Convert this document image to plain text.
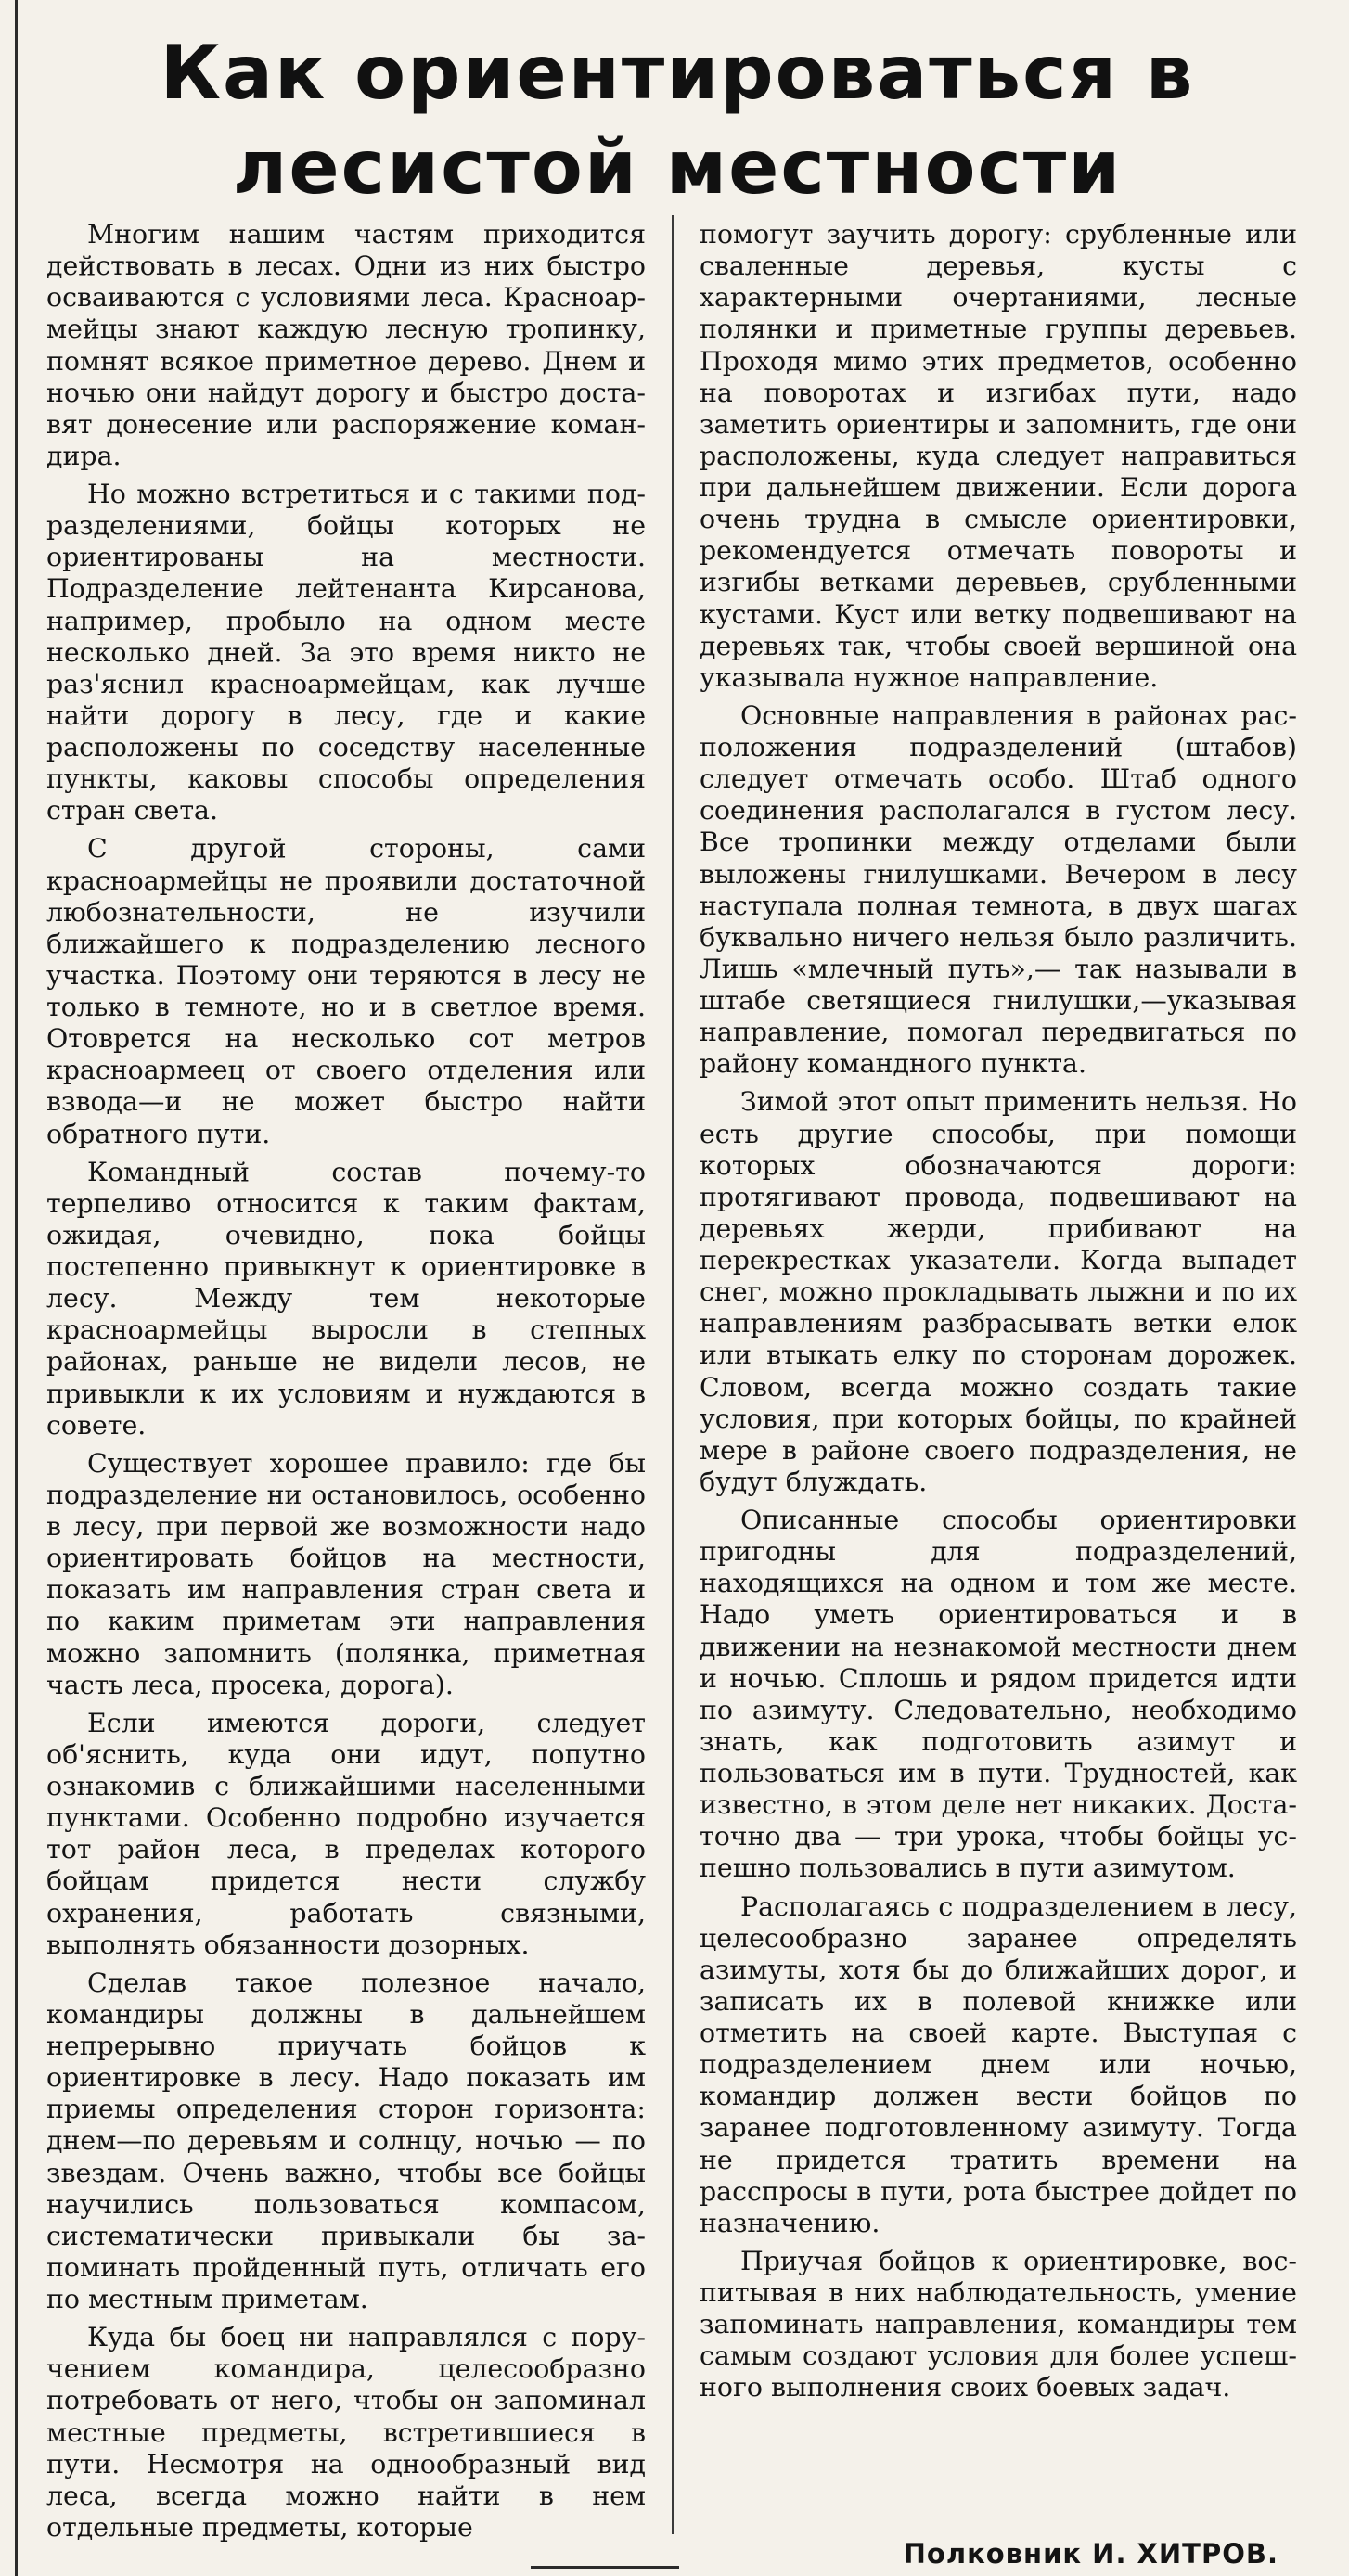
Как ориентироваться в
лесистой местности

Многим нашим частям приходится действовать в лесах. Одни из них быстро осваиваются с условиями леса. Красноармейцы знают каждую лесную тропинку, помнят всякое приметное дерево. Днем и ночью они найдут дорогу и быстро доставят донесение или распоряжение командира.

Но можно встретиться и с такими подразделениями, бойцы которых не ориентированы на местности. Подразделение лейтенанта Кирсанова, например, пробыло на одном месте несколько дней. За это время никто не раз'яснил красноармейцам, как лучше найти дорогу в лесу, где и какие расположены по соседству населенные пункты, каковы способы определения стран света.

С другой стороны, сами красноармейцы не проявили достаточной любознательности, не изучили ближайшего к подразделению лесного участка. Поэтому они теряются в лесу не только в темноте, но и в светлое время. Отоврется на несколько сот метров красноармеец от своего отделения или взвода—и не может быстро найти обратного пути.

Командный состав почему-то терпеливо относится к таким фактам, ожидая, очевидно, пока бойцы постепенно привыкнут к ориентировке в лесу. Между тем некоторые красноармейцы выросли в степных районах, раньше не видели лесов, не привыкли к их условиям и нуждаются в совете.

Существует хорошее правило: где бы подразделение ни остановилось, особенно в лесу, при первой же возможности надо ориентировать бойцов на местности, показать им направления стран света и по каким приметам эти направления можно запомнить (полянка, приметная часть леса, просека, дорога).

Если имеются дороги, следует об'яснить, куда они идут, попутно ознакомив с ближайшими населенными пунктами. Особенно подробно изучается тот район леса, в пределах которого бойцам придется нести службу охранения, работать связными, выполнять обязанности дозорных.

Сделав такое полезное начало, командиры должны в дальнейшем непрерывно приучать бойцов к ориентировке в лесу. Надо показать им приемы определения сторон горизонта: днем—по деревьям и солнцу, ночью — по звездам. Очень важно, чтобы все бойцы научились пользоваться компасом, систематически привыкали бы запоминать пройденный путь, отличать его по местным приметам.

Куда бы боец ни направлялся с поручением командира, целесообразно потребовать от него, чтобы он запоминал местные предметы, встретившиеся в пути. Несмотря на однообразный вид леса, всегда можно найти в нем отдельные предметы, которые

помогут заучить дорогу: срубленные или сваленные деревья, кусты с характерными очертаниями, лесные полянки и приметные группы деревьев. Проходя мимо этих предметов, особенно на поворотах и изгибах пути, надо заметить ориентиры и запомнить, где они расположены, куда следует направиться при дальнейшем движении. Если дорога очень трудна в смысле ориентировки, рекомендуется отмечать повороты и изгибы ветками деревьев, срубленными кустами. Куст или ветку подвешивают на деревьях так, чтобы своей вершиной она указывала нужное направление.

Основные направления в районах расположения подразделений (штабов) следует отмечать особо. Штаб одного соединения располагался в густом лесу. Все тропинки между отделами были выложены гнилушками. Вечером в лесу наступала полная темнота, в двух шагах буквально ничего нельзя было различить. Лишь «млечный путь»,— так называли в штабе светящиеся гнилушки,—указывая направление, помогал передвигаться по району командного пункта.

Зимой этот опыт применить нельзя. Но есть другие способы, при помощи которых обозначаются дороги: протягивают провода, подвешивают на деревьях жерди, прибивают на перекрестках указатели. Когда выпадет снег, можно прокладывать лыжни и по их направлениям разбрасывать ветки елок или втыкать елку по сторонам дорожек. Словом, всегда можно создать такие условия, при которых бойцы, по крайней мере в районе своего подразделения, не будут блуждать.

Описанные способы ориентировки пригодны для подразделений, находящихся на одном и том же месте. Надо уметь ориентироваться и в движении на незнакомой местности днем и ночью. Сплошь и рядом придется идти по азимуту. Следовательно, необходимо знать, как подготовить азимут и пользоваться им в пути. Трудностей, как известно, в этом деле нет никаких. Достаточно два — три урока, чтобы бойцы успешно пользовались в пути азимутом.

Располагаясь с подразделением в лесу, целесообразно заранее определять азимуты, хотя бы до ближайших дорог, и записать их в полевой книжке или отметить на своей карте. Выступая с подразделением днем или ночью, командир должен вести бойцов по заранее подготовленному азимуту. Тогда не придется тратить времени на расспросы в пути, рота быстрее дойдет по назначению.

Приучая бойцов к ориентировке, воспитывая в них наблюдательность, умение запоминать направления, командиры тем самым создают условия для более успешного выполнения своих боевых задач.

Полковник И. ХИТРОВ.
